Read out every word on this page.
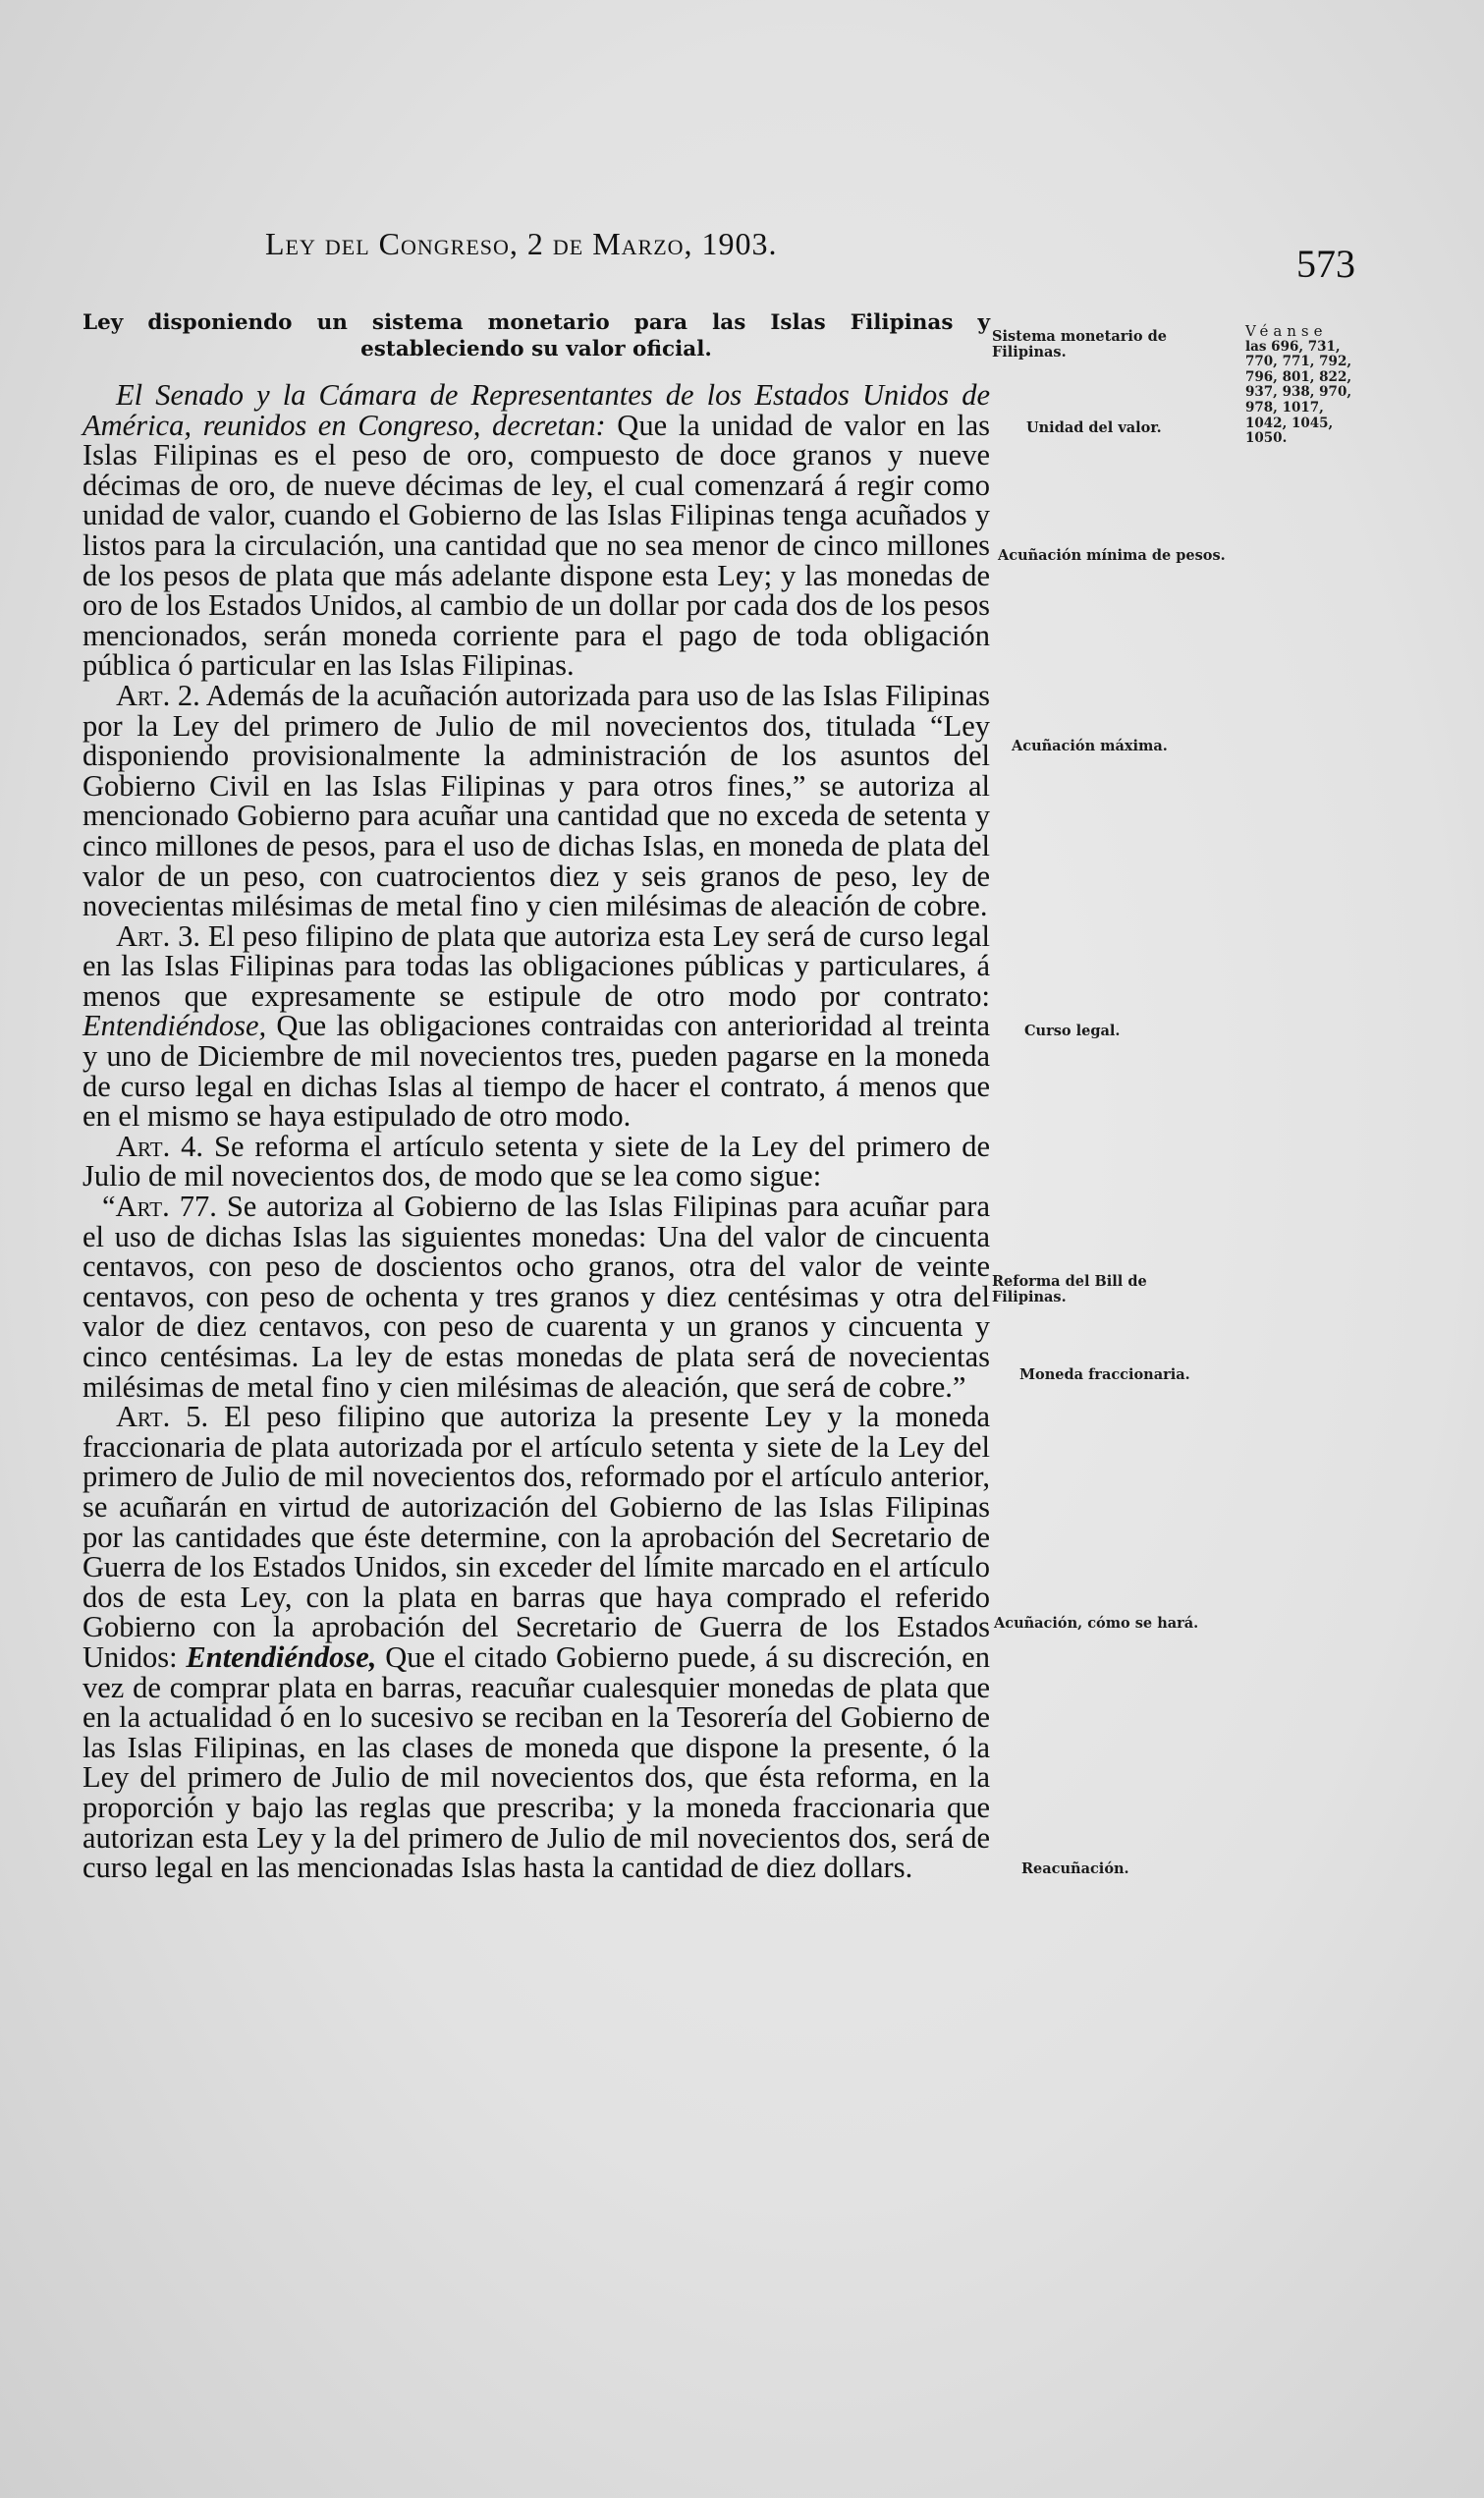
Ley del Congreso, 2 de Marzo, 1903.	573

Ley disponiendo un sistema monetario para las Islas Filipinas y estableciendo su valor oficial.

El Senado y la Cámara de Representantes de los Estados Unidos de América, reunidos en Congreso, decretan: Que la unidad de valor en las Islas Filipinas es el peso de oro, compuesto de doce granos y nueve décimas de oro, de nueve décimas de ley, el cual comenzará á regir como unidad de valor, cuando el Gobierno de las Islas Filipinas tenga acuñados y listos para la circulación, una cantidad que no sea menor de cinco millones de los pesos de plata que más adelante dispone esta Ley; y las monedas de oro de los Estados Unidos, al cambio de un dollar por cada dos de los pesos mencionados, serán moneda corriente para el pago de toda obligación pública ó particular en las Islas Filipinas.

Art. 2. Además de la acuñación autorizada para uso de las Islas Filipinas por la Ley del primero de Julio de mil novecientos dos, titulada “Ley disponiendo provisionalmente la administración de los asuntos del Gobierno Civil en las Islas Filipinas y para otros fines,” se autoriza al mencionado Gobierno para acuñar una cantidad que no exceda de setenta y cinco millones de pesos, para el uso de dichas Islas, en moneda de plata del valor de un peso, con cuatrocientos diez y seis granos de peso, ley de novecientas milésimas de metal fino y cien milésimas de aleación de cobre.

Art. 3. El peso filipino de plata que autoriza esta Ley será de curso legal en las Islas Filipinas para todas las obligaciones públicas y particulares, á menos que expresamente se estipule de otro modo por contrato: Entendiéndose, Que las obligaciones contraidas con anterioridad al treinta y uno de Diciembre de mil novecientos tres, pueden pagarse en la moneda de curso legal en dichas Islas al tiempo de hacer el contrato, á menos que en el mismo se haya estipulado de otro modo.

Art. 4. Se reforma el artículo setenta y siete de la Ley del primero de Julio de mil novecientos dos, de modo que se lea como sigue:

“Art. 77. Se autoriza al Gobierno de las Islas Filipinas para acuñar para el uso de dichas Islas las siguientes monedas: Una del valor de cincuenta centavos, con peso de doscientos ocho granos, otra del valor de veinte centavos, con peso de ochenta y tres granos y diez centésimas y otra del valor de diez centavos, con peso de cuarenta y un granos y cincuenta y cinco centésimas. La ley de estas monedas de plata será de novecientas milésimas de metal fino y cien milésimas de aleación, que será de cobre.”

Art. 5. El peso filipino que autoriza la presente Ley y la moneda fraccionaria de plata autorizada por el artículo setenta y siete de la Ley del primero de Julio de mil novecientos dos, reformado por el artículo anterior, se acuñarán en virtud de autorización del Gobierno de las Islas Filipinas por las cantidades que éste determine, con la aprobación del Secretario de Guerra de los Estados Unidos, sin exceder del límite marcado en el artículo dos de esta Ley, con la plata en barras que haya comprado el referido Gobierno con la aprobación del Secretario de Guerra de los Estados Unidos: Entendiéndose, Que el citado Gobierno puede, á su discreción, en vez de comprar plata en barras, reacuñar cualesquier monedas de plata que en la actualidad ó en lo sucesivo se reciban en la Tesorería del Gobierno de las Islas Filipinas, en las clases de moneda que dispone la presente, ó la Ley del primero de Julio de mil novecientos dos, que ésta reforma, en la proporción y bajo las reglas que prescriba; y la moneda fraccionaria que autorizan esta Ley y la del primero de Julio de mil novecientos dos, será de curso legal en las mencionadas Islas hasta la cantidad de diez dollars.

Sistema monetario de Filipinas.
Unidad del valor.
Acuñación mínima de pesos.
Acuñación máxima.
Curso legal.
Reforma del Bill de Filipinas.
Moneda fraccionaria.
Acuñación, cómo se hará.
Reacuñación.
Véanse
las 696, 731, 770, 771, 792, 796, 801, 822, 937, 938, 970, 978, 1017, 1042, 1045, 1050.
